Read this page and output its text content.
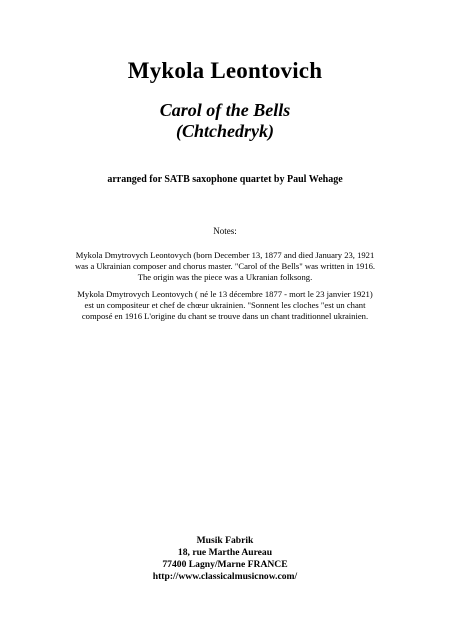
Mykola Leontovich
Carol of the Bells
(Chtchedryk)
arranged for SATB saxophone quartet by Paul Wehage
Notes:
Mykola Dmytrovych Leontovych (born December 13, 1877 and died January 23, 1921
was a Ukrainian composer and chorus master. "Carol of the Bells" was written in 1916.
The origin was the piece was a Ukranian folksong.
Mykola Dmytrovych Leontovych ( né le 13 décembre 1877 - mort le 23 janvier 1921)
est un compositeur et chef de chœur ukrainien. "Sonnent les cloches "est un chant
composé en 1916 L'origine du chant se trouve dans un chant traditionnel ukrainien.
Musik Fabrik
18, rue Marthe Aureau
77400 Lagny/Marne FRANCE
http://www.classicalmusicnow.com/
